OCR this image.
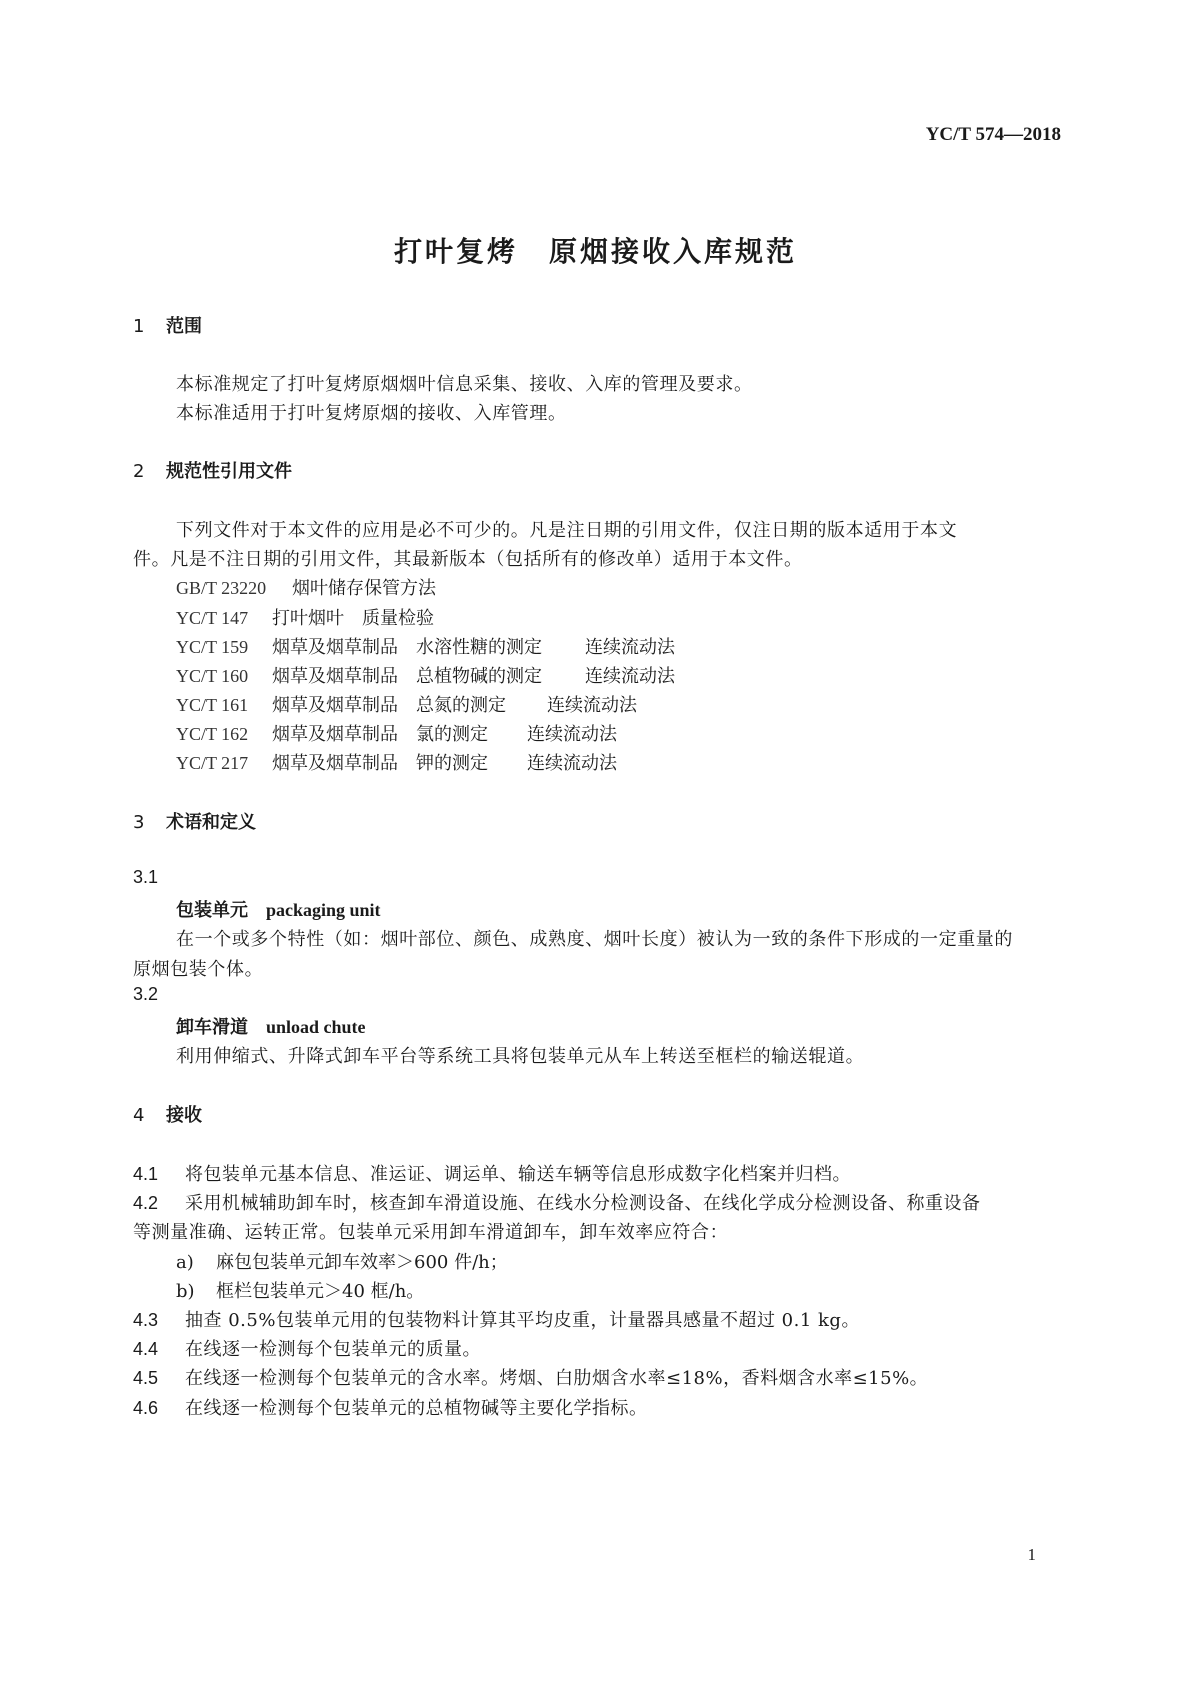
YC/T 574—2018
打叶复烤　原烟接收入库规范
1 范围
本标准规定了打叶复烤原烟烟叶信息采集、接收、入库的管理及要求。
本标准适用于打叶复烤原烟的接收、入库管理。
2 规范性引用文件
下列文件对于本文件的应用是必不可少的。凡是注日期的引用文件，仅注日期的版本适用于本文
件。凡是不注日期的引用文件，其最新版本（包括所有的修改单）适用于本文件。
GB/T 23220 烟叶储存保管方法
YC/T 147 打叶烟叶　质量检验
YC/T 159 烟草及烟草制品　水溶性糖的测定 连续流动法
YC/T 160 烟草及烟草制品　总植物碱的测定 连续流动法
YC/T 161 烟草及烟草制品　总氮的测定 连续流动法
YC/T 162 烟草及烟草制品　氯的测定 连续流动法
YC/T 217 烟草及烟草制品　钾的测定 连续流动法
3 术语和定义
3.1
包装单元 packaging unit
在一个或多个特性（如：烟叶部位、颜色、成熟度、烟叶长度）被认为一致的条件下形成的一定重量的
原烟包装个体。
3.2
卸车滑道 unload chute
利用伸缩式、升降式卸车平台等系统工具将包装单元从车上转送至框栏的输送辊道。
4 接收
4.1 将包装单元基本信息、准运证、调运单、输送车辆等信息形成数字化档案并归档。
4.2 采用机械辅助卸车时，核查卸车滑道设施、在线水分检测设备、在线化学成分检测设备、称重设备
等测量准确、运转正常。包装单元采用卸车滑道卸车，卸车效率应符合：
a) 麻包包装单元卸车效率＞600 件/h；
b) 框栏包装单元＞40 框/h。
4.3 抽查 0.5%包装单元用的包装物料计算其平均皮重，计量器具感量不超过 0.1 kg。
4.4 在线逐一检测每个包装单元的质量。
4.5 在线逐一检测每个包装单元的含水率。烤烟、白肋烟含水率≤18%，香料烟含水率≤15%。
4.6 在线逐一检测每个包装单元的总植物碱等主要化学指标。
1
